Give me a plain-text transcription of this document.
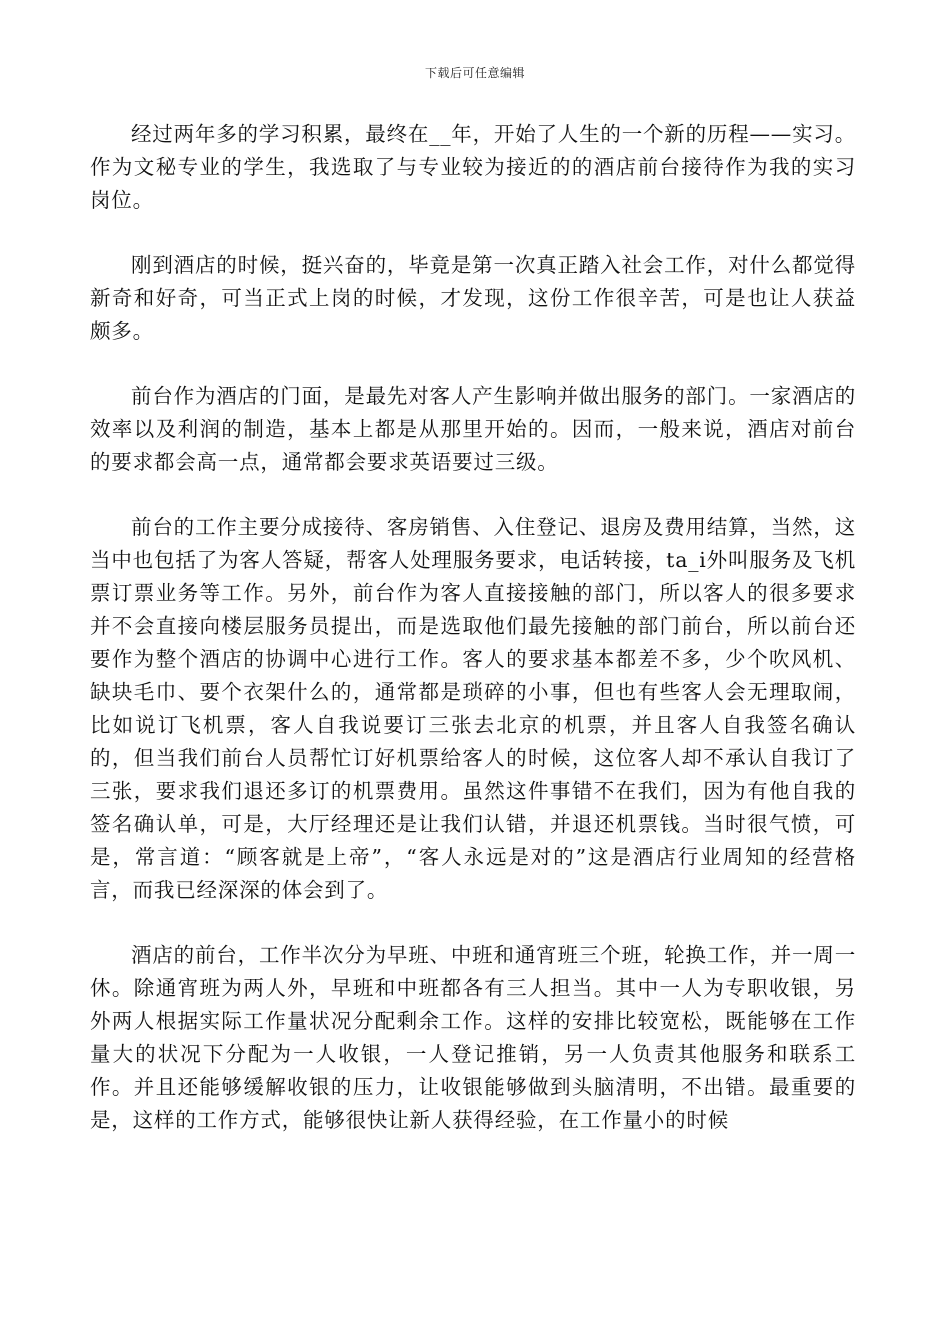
下载后可任意编辑

经过两年多的学习积累，最终在__年，开始了人生的一个新的历程——实习。作为文秘专业的学生，我选取了与专业较为接近的的酒店前台接待作为我的实习岗位。

刚到酒店的时候，挺兴奋的，毕竟是第一次真正踏入社会工作，对什么都觉得新奇和好奇，可当正式上岗的时候，才发现，这份工作很辛苦，可是也让人获益颇多。

前台作为酒店的门面，是最先对客人产生影响并做出服务的部门。一家酒店的效率以及利润的制造，基本上都是从那里开始的。因而，一般来说，酒店对前台的要求都会高一点，通常都会要求英语要过三级。

前台的工作主要分成接待、客房销售、入住登记、退房及费用结算，当然，这当中也包括了为客人答疑，帮客人处理服务要求，电话转接，ta_i外叫服务及飞机票订票业务等工作。另外，前台作为客人直接接触的部门，所以客人的很多要求并不会直接向楼层服务员提出，而是选取他们最先接触的部门前台，所以前台还要作为整个酒店的协调中心进行工作。客人的要求基本都差不多，少个吹风机、缺块毛巾、要个衣架什么的，通常都是琐碎的小事，但也有些客人会无理取闹，比如说订飞机票，客人自我说要订三张去北京的机票，并且客人自我签名确认的，但当我们前台人员帮忙订好机票给客人的时候，这位客人却不承认自我订了三张，要求我们退还多订的机票费用。虽然这件事错不在我们，因为有他自我的签名确认单，可是，大厅经理还是让我们认错，并退还机票钱。当时很气愤，可是，常言道：“顾客就是上帝”，“客人永远是对的”这是酒店行业周知的经营格言，而我已经深深的体会到了。

酒店的前台，工作半次分为早班、中班和通宵班三个班，轮换工作，并一周一休。除通宵班为两人外，早班和中班都各有三人担当。其中一人为专职收银，另外两人根据实际工作量状况分配剩余工作。这样的安排比较宽松，既能够在工作量大的状况下分配为一人收银，一人登记推销，另一人负责其他服务和联系工作。并且还能够缓解收银的压力，让收银能够做到头脑清明，不出错。最重要的是，这样的工作方式，能够很快让新人获得经验，在工作量小的时候
